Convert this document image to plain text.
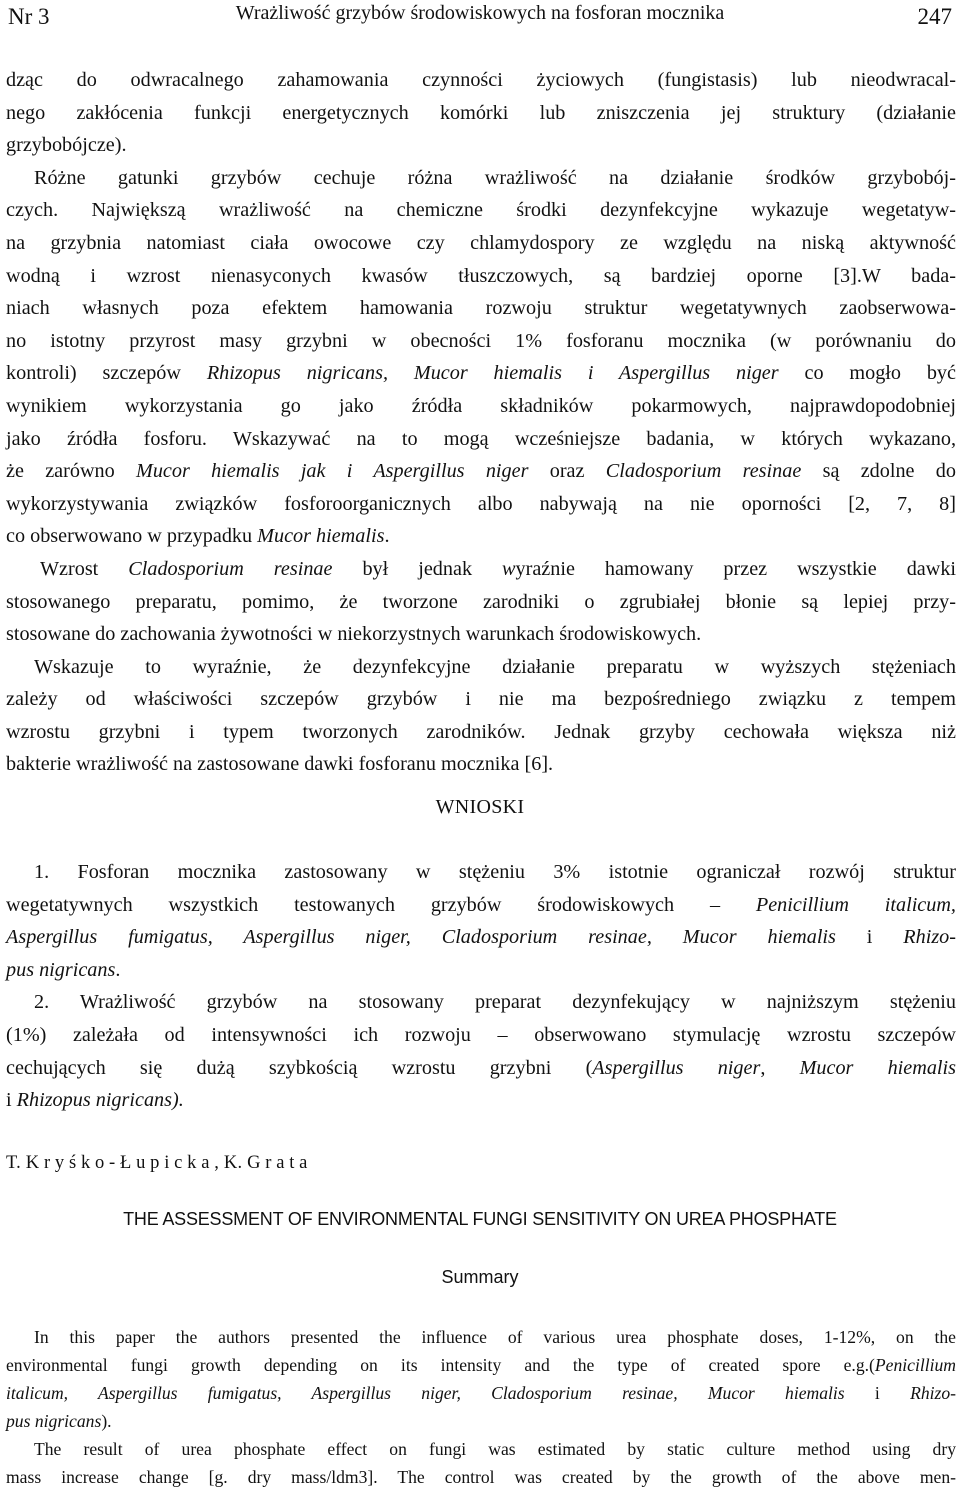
Nr 3	Wrażliwość grzybów środowiskowych na fosforan mocznika	247

dząc do odwracalnego zahamowania czynności życiowych (fungistasis) lub nieodwracal-
nego zakłócenia funkcji energetycznych komórki lub zniszczenia jej struktury (działanie
grzybobójcze).

Różne gatunki grzybów cechuje różna wrażliwość na działanie środków grzybobój-
czych. Największą wrażliwość na chemiczne środki dezynfekcyjne wykazuje wegetatyw-
na grzybnia natomiast ciała owocowe czy chlamydospory ze względu na niską aktywność
wodną i wzrost nienasyconych kwasów tłuszczowych, są bardziej oporne [3].W bada-
niach własnych poza efektem hamowania rozwoju struktur wegetatywnych zaobserwowa-
no istotny przyrost masy grzybni w obecności 1% fosforanu mocznika (w porównaniu do
kontroli) szczepów Rhizopus nigricans, Mucor hiemalis i Aspergillus niger co mogło być
wynikiem wykorzystania go jako źródła składników pokarmowych, najprawdopodobniej
jako źródła fosforu. Wskazywać na to mogą wcześniejsze badania, w których wykazano,
że zarówno Mucor hiemalis jak i Aspergillus niger oraz Cladosporium resinae są zdolne do
wykorzystywania związków fosforoorganicznych albo nabywają na nie oporności [2, 7, 8]
co obserwowano w przypadku Mucor hiemalis.

Wzrost Cladosporium resinae był jednak wyraźnie hamowany przez wszystkie dawki
stosowanego preparatu, pomimo, że tworzone zarodniki o zgrubiałej błonie są lepiej przy-
stosowane do zachowania żywotności w niekorzystnych warunkach środowiskowych.

Wskazuje to wyraźnie, że dezynfekcyjne działanie preparatu w wyższych stężeniach
zależy od właściwości szczepów grzybów i nie ma bezpośredniego związku z tempem
wzrostu grzybni i typem tworzonych zarodników. Jednak grzyby cechowała większa niż
bakterie wrażliwość na zastosowane dawki fosforanu mocznika [6].

WNIOSKI

1. Fosforan mocznika zastosowany w stężeniu 3% istotnie ograniczał rozwój struktur
wegetatywnych wszystkich testowanych grzybów środowiskowych – Penicillium italicum,
Aspergillus fumigatus, Aspergillus niger, Cladosporium resinae, Mucor hiemalis i Rhizo-
pus nigricans.

2. Wrażliwość grzybów na stosowany preparat dezynfekujący w najniższym stężeniu
(1%) zależała od intensywności ich rozwoju – obserwowano stymulację wzrostu szczepów
cechujących się dużą szybkością wzrostu grzybni (Aspergillus niger, Mucor hiemalis
i Rhizopus nigricans).

T. Kryśko-Łupicka, K. Grata
THE ASSESSMENT OF ENVIRONMENTAL FUNGI SENSITIVITY ON UREA PHOSPHATE
Summary

In this paper the authors presented the influence of various urea phosphate doses, 1-12%, on the
environmental fungi growth depending on its intensity and the type of created spore e.g.(Penicillium
italicum, Aspergillus fumigatus, Aspergillus niger, Cladosporium resinae, Mucor hiemalis i Rhizo-
pus nigricans).

The result of urea phosphate effect on fungi was estimated by static culture method using dry
mass increase change [g. dry mass/ldm3]. The control was created by the growth of the above men-
